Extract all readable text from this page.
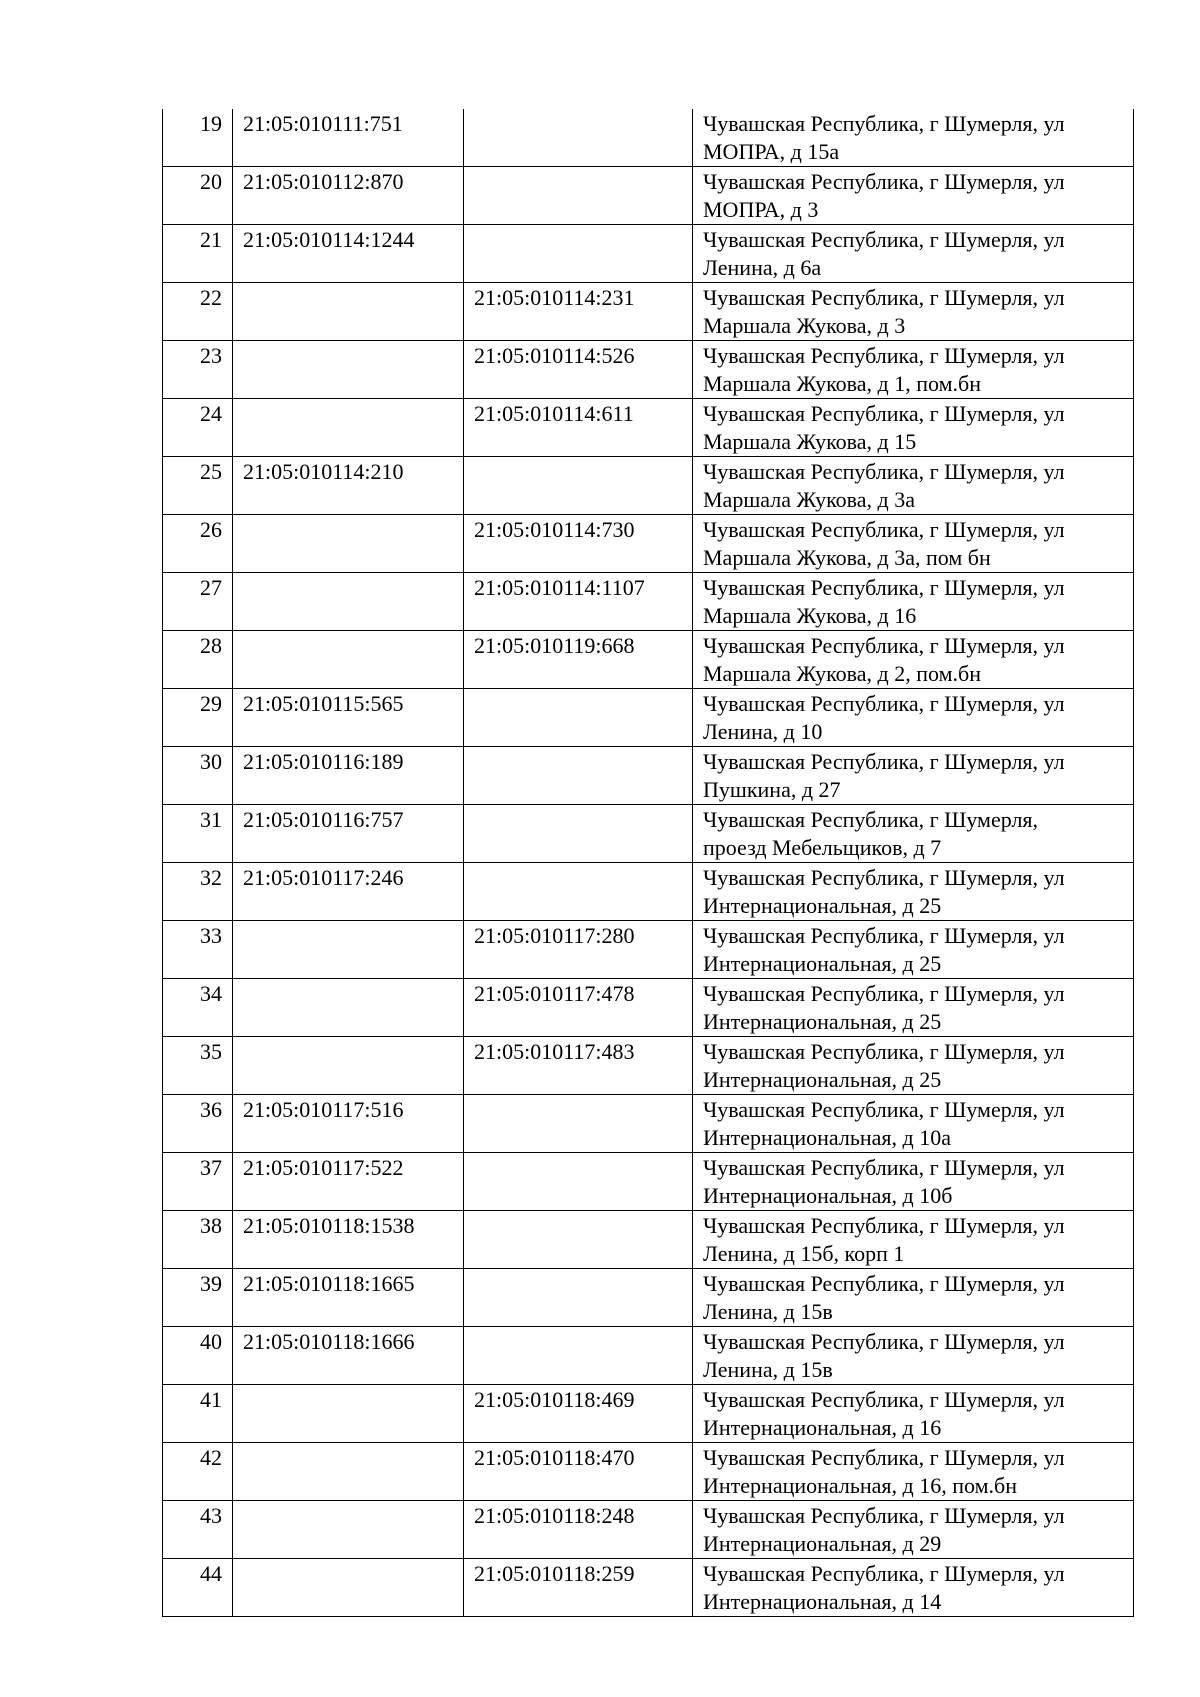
19	21:05:010111:751		Чувашская Республика, г Шумерля, ул
МОПРА, д 15а

20	21:05:010112:870		Чувашская Республика, г Шумерля, ул
МОПРА, д 3

21	21:05:010114:1244		Чувашская Республика, г Шумерля, ул
Ленина, д 6а

22		21:05:010114:231	Чувашская Республика, г Шумерля, ул
Маршала Жукова, д 3

23		21:05:010114:526	Чувашская Республика, г Шумерля, ул
Маршала Жукова, д 1, пом.бн

24		21:05:010114:611	Чувашская Республика, г Шумерля, ул
Маршала Жукова, д 15

25	21:05:010114:210		Чувашская Республика, г Шумерля, ул
Маршала Жукова, д 3а

26		21:05:010114:730	Чувашская Республика, г Шумерля, ул
Маршала Жукова, д 3а, пом бн

27		21:05:010114:1107	Чувашская Республика, г Шумерля, ул
Маршала Жукова, д 16

28		21:05:010119:668	Чувашская Республика, г Шумерля, ул
Маршала Жукова, д 2, пом.бн

29	21:05:010115:565		Чувашская Республика, г Шумерля, ул
Ленина, д 10

30	21:05:010116:189		Чувашская Республика, г Шумерля, ул
Пушкина, д 27

31	21:05:010116:757		Чувашская Республика, г Шумерля,
проезд Мебельщиков, д 7

32	21:05:010117:246		Чувашская Республика, г Шумерля, ул
Интернациональная, д 25

33		21:05:010117:280	Чувашская Республика, г Шумерля, ул
Интернациональная, д 25

34		21:05:010117:478	Чувашская Республика, г Шумерля, ул
Интернациональная, д 25

35		21:05:010117:483	Чувашская Республика, г Шумерля, ул
Интернациональная, д 25

36	21:05:010117:516		Чувашская Республика, г Шумерля, ул
Интернациональная, д 10а

37	21:05:010117:522		Чувашская Республика, г Шумерля, ул
Интернациональная, д 10б

38	21:05:010118:1538		Чувашская Республика, г Шумерля, ул
Ленина, д 15б, корп 1

39	21:05:010118:1665		Чувашская Республика, г Шумерля, ул
Ленина, д 15в

40	21:05:010118:1666		Чувашская Республика, г Шумерля, ул
Ленина, д 15в

41		21:05:010118:469	Чувашская Республика, г Шумерля, ул
Интернациональная, д 16

42		21:05:010118:470	Чувашская Республика, г Шумерля, ул
Интернациональная, д 16, пом.бн

43		21:05:010118:248	Чувашская Республика, г Шумерля, ул
Интернациональная, д 29

44		21:05:010118:259	Чувашская Республика, г Шумерля, ул
Интернациональная, д 14
